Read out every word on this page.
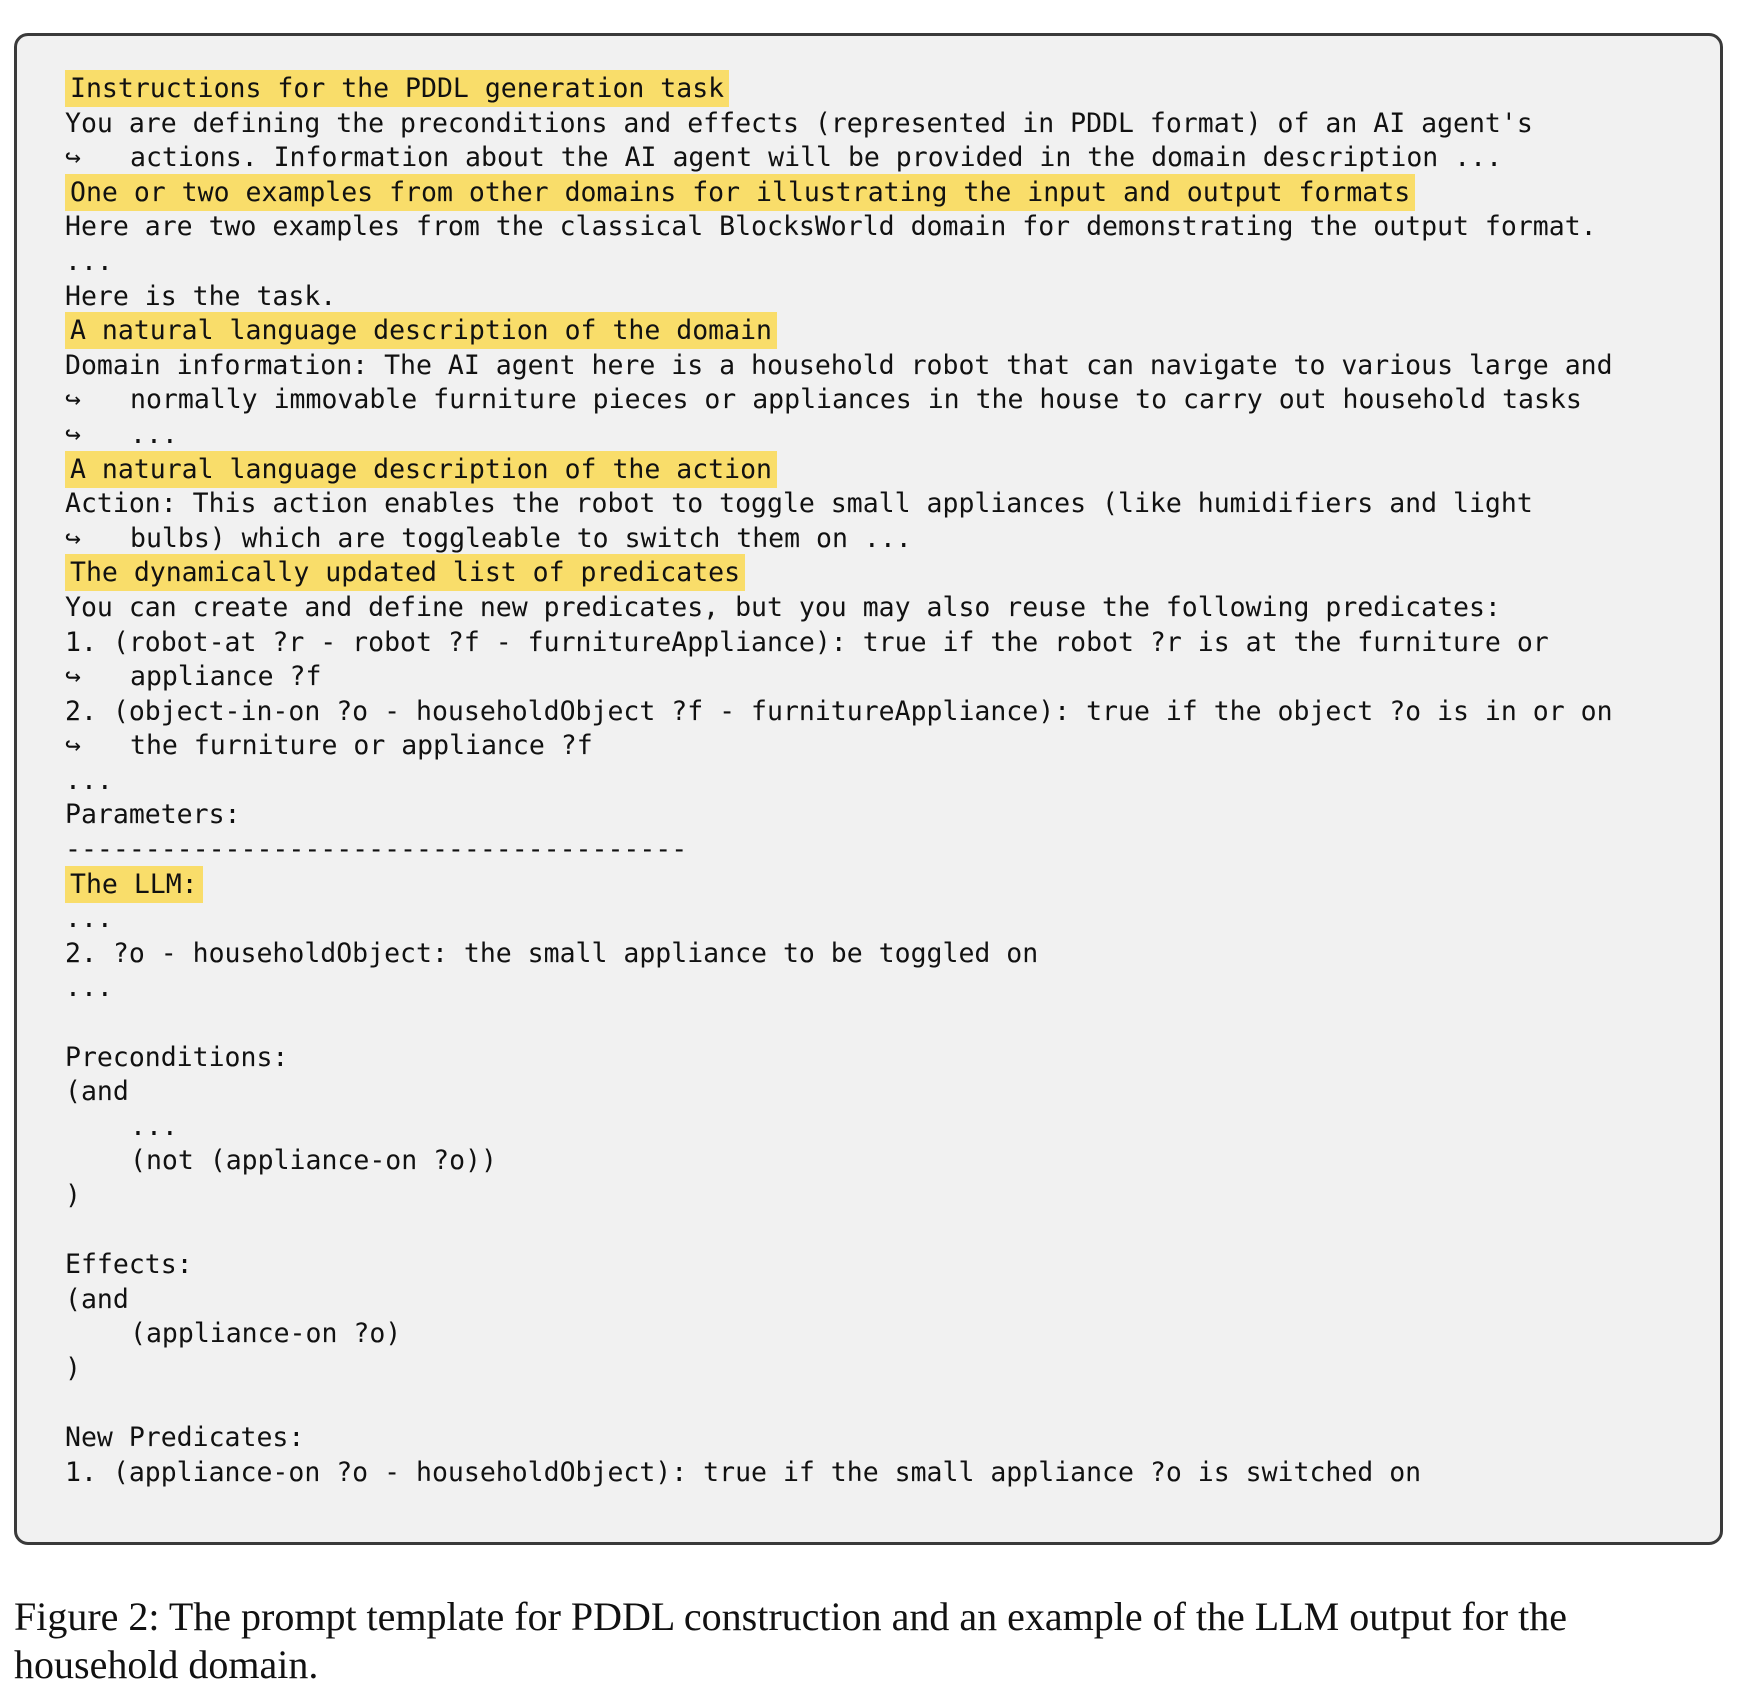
Instructions for the PDDL generation task
You are defining the preconditions and effects (represented in PDDL format) of an AI agent's
↪ actions. Information about the AI agent will be provided in the domain description ...
One or two examples from other domains for illustrating the input and output formats
Here are two examples from the classical BlocksWorld domain for demonstrating the output format.
...
Here is the task.
A natural language description of the domain
Domain information: The AI agent here is a household robot that can navigate to various large and
↪ normally immovable furniture pieces or appliances in the house to carry out household tasks
↪ ...
A natural language description of the action
Action: This action enables the robot to toggle small appliances (like humidifiers and light
↪ bulbs) which are toggleable to switch them on ...
The dynamically updated list of predicates
You can create and define new predicates, but you may also reuse the following predicates:
1. (robot-at ?r - robot ?f - furnitureAppliance): true if the robot ?r is at the furniture or
↪ appliance ?f
2. (object-in-on ?o - householdObject ?f - furnitureAppliance): true if the object ?o is in or on
↪ the furniture or appliance ?f
...
Parameters:
---------------------------------------
The LLM:
...
2. ?o - householdObject: the small appliance to be toggled on
...
Preconditions:
(and
...
(not (appliance-on ?o))
)
Effects:
(and
(appliance-on ?o)
)
New Predicates:
1. (appliance-on ?o - householdObject): true if the small appliance ?o is switched on
Figure 2: The prompt template for PDDL construction and an example of the LLM output for the household domain.
